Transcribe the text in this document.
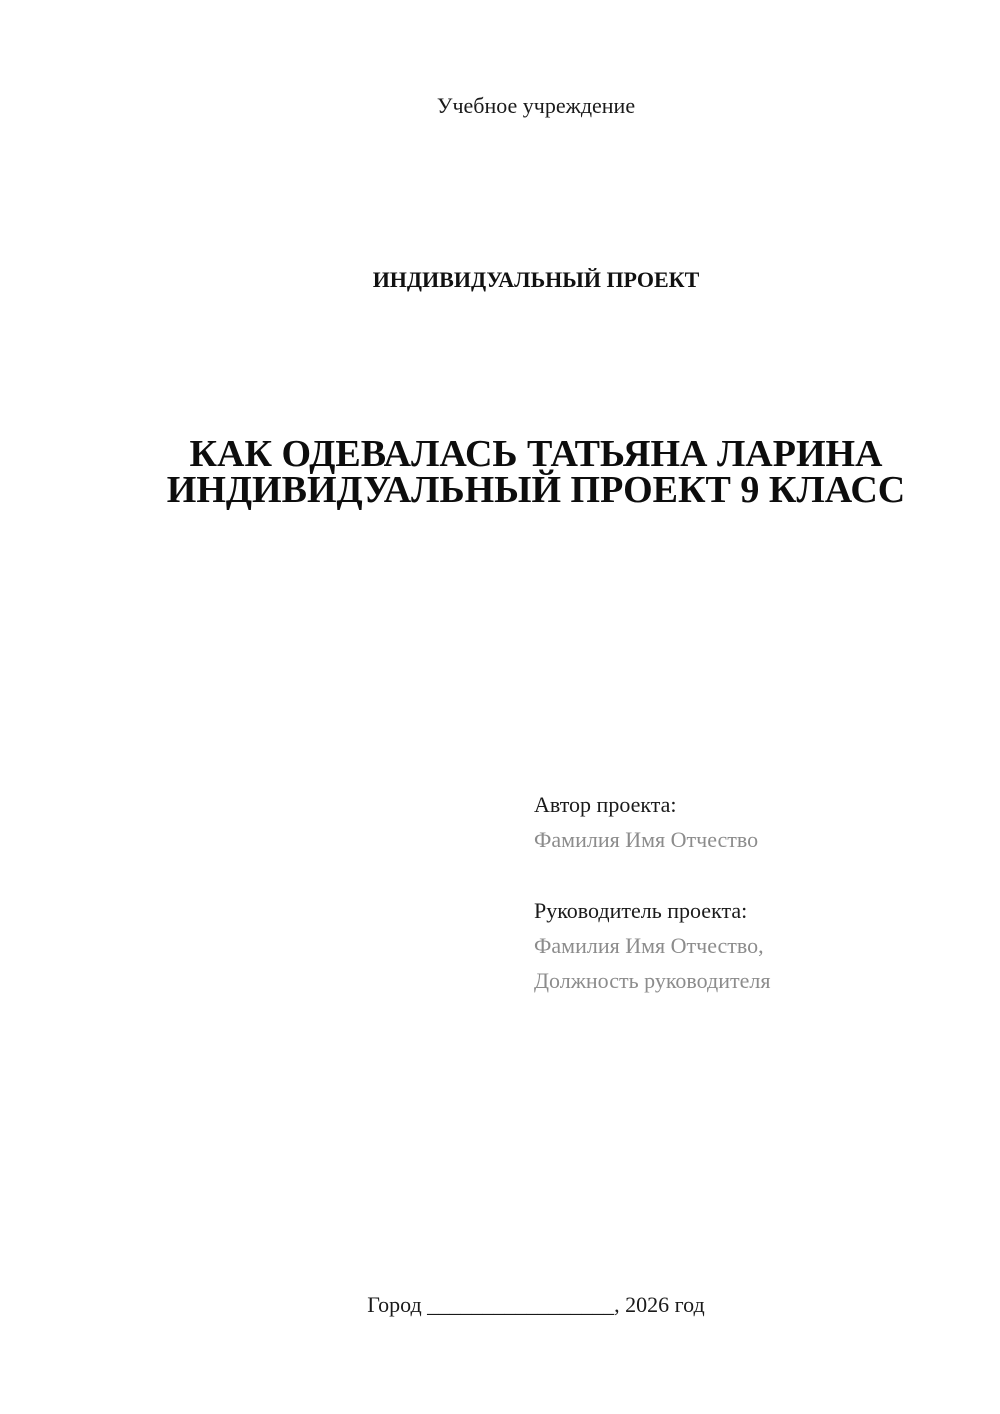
Учебное учреждение
ИНДИВИДУАЛЬНЫЙ ПРОЕКТ
КАК ОДЕВАЛАСЬ ТАТЬЯНА ЛАРИНА
ИНДИВИДУАЛЬНЫЙ ПРОЕКТ 9 КЛАСС
Автор проекта:
Фамилия Имя Отчество
Руководитель проекта:
Фамилия Имя Отчество,
Должность руководителя
Город _________________, 2026 год
